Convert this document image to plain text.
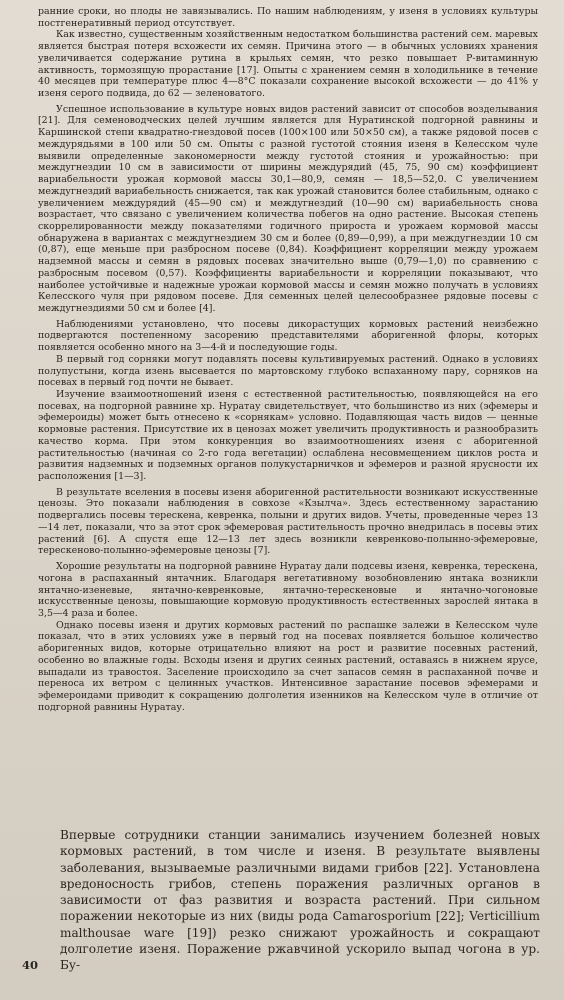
ранние сроки, но плоды не завязывались. По нашим наблюдениям, у изеня в условиях культуры постгенеративный период отсутствует.

Как известно, существенным хозяйственным недостатком большинства растений сем. маревых является быстрая потеря всхожести их семян. Причина этого — в обычных условиях хранения увеличивается содержание рутина в крыльях семян, что резко повышает Р-витаминную активность, тормозящую прорастание [17]. Опыты с хранением семян в холодильнике в течение 40 месяцев при температуре плюс 4—8°С показали сохранение высокой всхожести — до 41% у изеня серого подвида, до 62 — зеленоватого.

Успешное использование в культуре новых видов растений зависит от способов возделывания [21]. Для семеноводческих целей лучшим является для Нуратинской подгорной равнины и Каршинской степи квадратно-гнездовой посев (100×100 или 50×50 см), а также рядовой посев с междурядьями в 100 или 50 см. Опыты с разной густотой стояния изеня в Келесском чуле выявили определенные закономерности между густотой стояния и урожайностью: при междугнездии 10 см в зависимости от ширины междурядий (45, 75, 90 см) коэффициент вариабельности урожая кормовой массы 30,1—80,9, семян — 18,5—52,0. С увеличением междугнездий вариабельность снижается, так как урожай становится более стабильным, однако с увеличением междурядий (45—90 см) и междугнездий (10—90 см) вариабельность снова возрастает, что связано с увеличением количества побегов на одно растение. Высокая степень скоррелированности между показателями годичного прироста и урожаем кормовой массы обнаружена в вариантах с междугнездием 30 см и более (0,89—0,99), а при междугнездии 10 см (0,87), еще меньше при разбросном посеве (0,84). Коэффициент корреляции между урожаем надземной массы и семян в рядовых посевах значительно выше (0,79—1,0) по сравнению с разбросным посевом (0,57). Коэффициенты вариабельности и корреляции показывают, что наиболее устойчивые и надежные урожаи кормовой массы и семян можно получать в условиях Келесского чуля при рядовом посеве. Для семенных целей целесообразнее рядовые посевы с междугнездиями 50 см и более [4].

Наблюдениями установлено, что посевы дикорастущих кормовых растений неизбежно подвергаются постепенному засорению представителями аборигенной флоры, которых появляется особенно много на 3—4-й и последующие годы.

В первый год сорняки могут подавлять посевы культивируемых растений. Однако в условиях полупустыни, когда изень высевается по мартовскому глубоко вспаханному пару, сорняков на посевах в первый год почти не бывает.

Изучение взаимоотношений изеня с естественной растительностью, появляющейся на его посевах, на подгорной равнине хр. Нуратау свидетельствует, что большинство из них (эфемеры и эфемероиды) может быть отнесено к «сорнякам» условно. Подавляющая часть видов — ценные кормовые растения. Присутствие их в ценозах может увеличить продуктивность и разнообразить качество корма. При этом конкуренция во взаимоотношениях изеня с аборигенной растительностью (начиная со 2-го года вегетации) ослаблена несовмещением циклов роста и развития надземных и подземных органов полукустарничков и эфемеров и разной ярусности их расположения [1—3].

В результате вселения в посевы изеня аборигенной растительности возникают искусственные ценозы. Это показали наблюдения в совхозе «Кзылча». Здесь естественному зарастанию подвергались посевы терескена, кевренка, полыни и других видов. Учеты, проведенные через 13—14 лет, показали, что за этот срок эфемеровая растительность прочно внедрилась в посевы этих растений [6]. А спустя еще 12—13 лет здесь возникли кевренково-полынно-эфемеровые, терескеново-полынно-эфемеровые ценозы [7].

Хорошие результаты на подгорной равнине Нуратау дали подсевы изеня, кевренка, терескена, чогона в распаханный янтачник. Благодаря вегетативному возобновлению янтака возникли янтачно-изеневые, янтачно-кевренковые, янтачно-терескеновые и янтачно-чогоновые искусственные ценозы, повышающие кормовую продуктивность естественных зарослей янтака в 3,5—4 раза и более.

Однако посевы изеня и других кормовых растений по распашке залежи в Келесском чуле показал, что в этих условиях уже в первый год на посевах появляется большое количество аборигенных видов, которые отрицательно влияют на рост и развитие посевных растений, особенно во влажные годы. Всходы изеня и других сеяных растений, оставаясь в нижнем ярусе, выпадали из травостоя. Заселение происходило за счет запасов семян в распаханной почве и переноса их ветром с целинных участков. Интенсивное зарастание посевов эфемерами и эфемероидами приводит к сокращению долголетия изенников на Келесском чуле в отличие от подгорной равнины Нуратау.

Впервые сотрудники станции занимались изучением болезней новых кормовых растений, в том числе и изеня. В результате выявлены заболевания, вызываемые различными видами грибов [22]. Установлена вредоносность грибов, степень поражения различных органов в зависимости от фаз развития и возраста растений. При сильном поражении некоторые из них (виды рода Camarosporium [22]; Verticillium malthousae ware [19]) резко снижают урожайность и сокращают долголетие изеня. Поражение ржавчиной ускорило выпад чогона в ур. Бу-

40
